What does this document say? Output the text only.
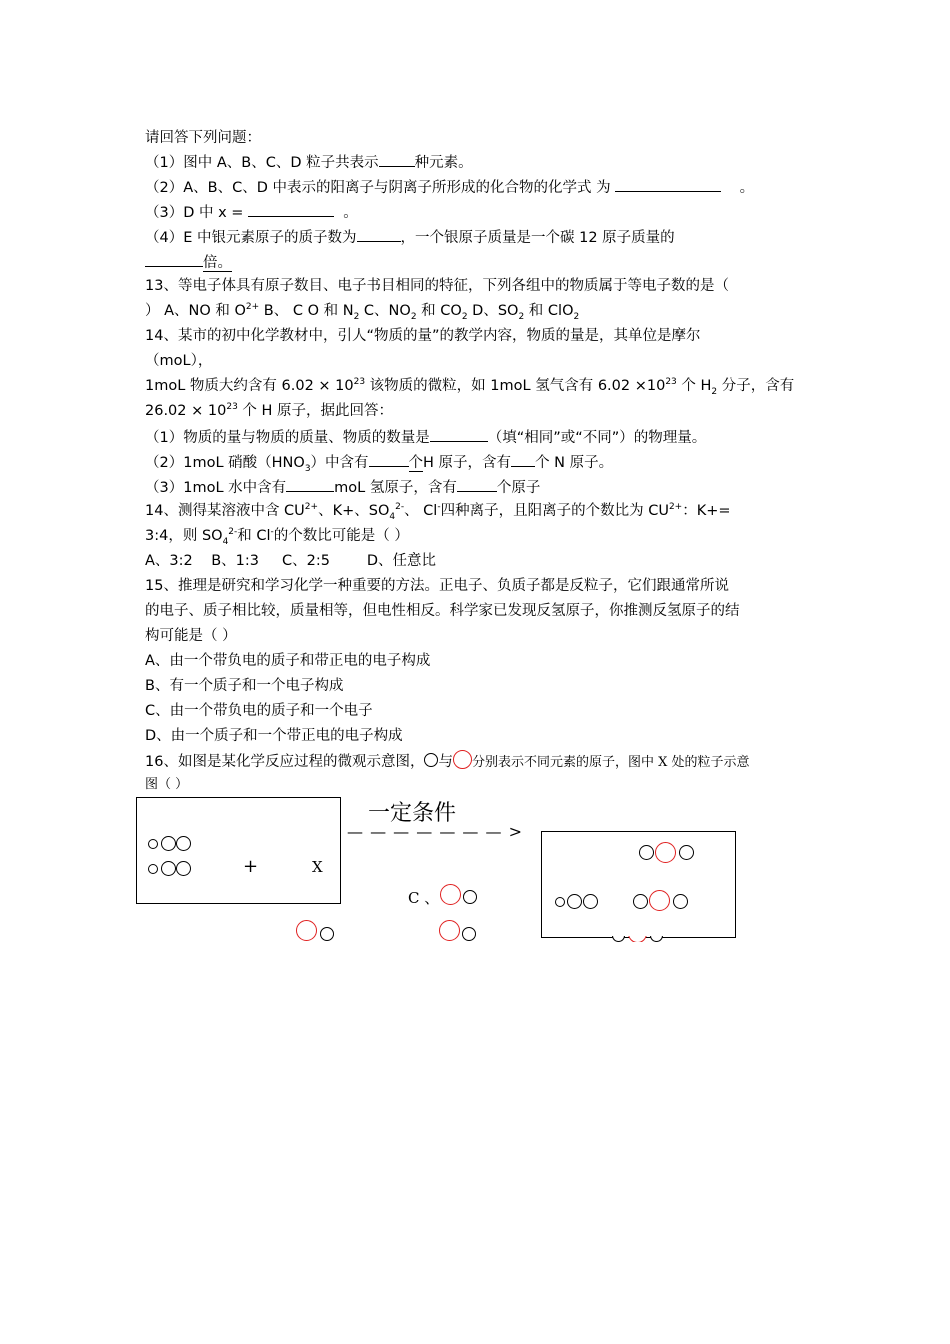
请回答下列问题：
（1）图中 A、B、C、D 粒子共表示 种元素。
（2）A、B、C、D 中表示的阳离子与阴离子所形成的化合物的化学式 为	。
（3）D 中 x =	。
（4）E 中银元素原子的质子数为	，一个银原子质量是一个碳 12 原子质量的
倍。
13、等电子体具有原子数目、电子书目相同的特征，下列各组中的物质属于等电子数的是（
） A、NO 和 $O^{2+}$ B、 C O 和 $N_2$ C、$NO_2$ 和 $CO_2$ D、$SO_2$ 和 ClO$_2$
14、某市的初中化学教材中，引人“物质的量”的教学内容，物质的量是，其单位是摩尔
（moL），
1moL 物质大约含有 $6.02 \times 10^{23}$ 该物质的微粒，如 1moL 氢气含有 $6.02 \times 10^{23}$ 个 $H_2$ 分子，含有
$26.02 \times 10^{23}$ 个 H 原子，据此回答：
（1）物质的量与物质的质量、物质的数量是	（填“相同”或“不同”）的物理量。
（2）1moL 硝酸$(HNO_3)$中含有	个H 原子，含有 个 N 原子。
（3）1moL 水中含有	moL 氢原子，含有	个原子
14、测得某溶液中含 $CU^{2+}$、K+、$SO_4^{2-}$、 Cl-四种离子，且阳离子的个数比为 $CU^{2+}$：K+=
3:4，则 $SO_4^{2-}$和 Cl-的个数比可能是（ ）
A、3:2    B、1:3     C、2:5        D、任意比
15、推理是研究和学习化学一种重要的方法。正电子、负质子都是反粒子，它们跟通常所说
的电子、质子相比较，质量相等，但电性相反。科学家已发现反氢原子，你推测反氢原子的结
构可能是（ ）
A、由一个带负电的质子和带正电的电子构成
B、有一个质子和一个电子构成
C、由一个带负电的质子和一个电子
D、由一个质子和一个带正电的电子构成
16、如图是某化学反应过程的微观示意图， 与 分别表示不同元素的原子，图中 X 处的粒子示意
图（ ）
+	X
一定条件
— — — — — — — >
C 、
